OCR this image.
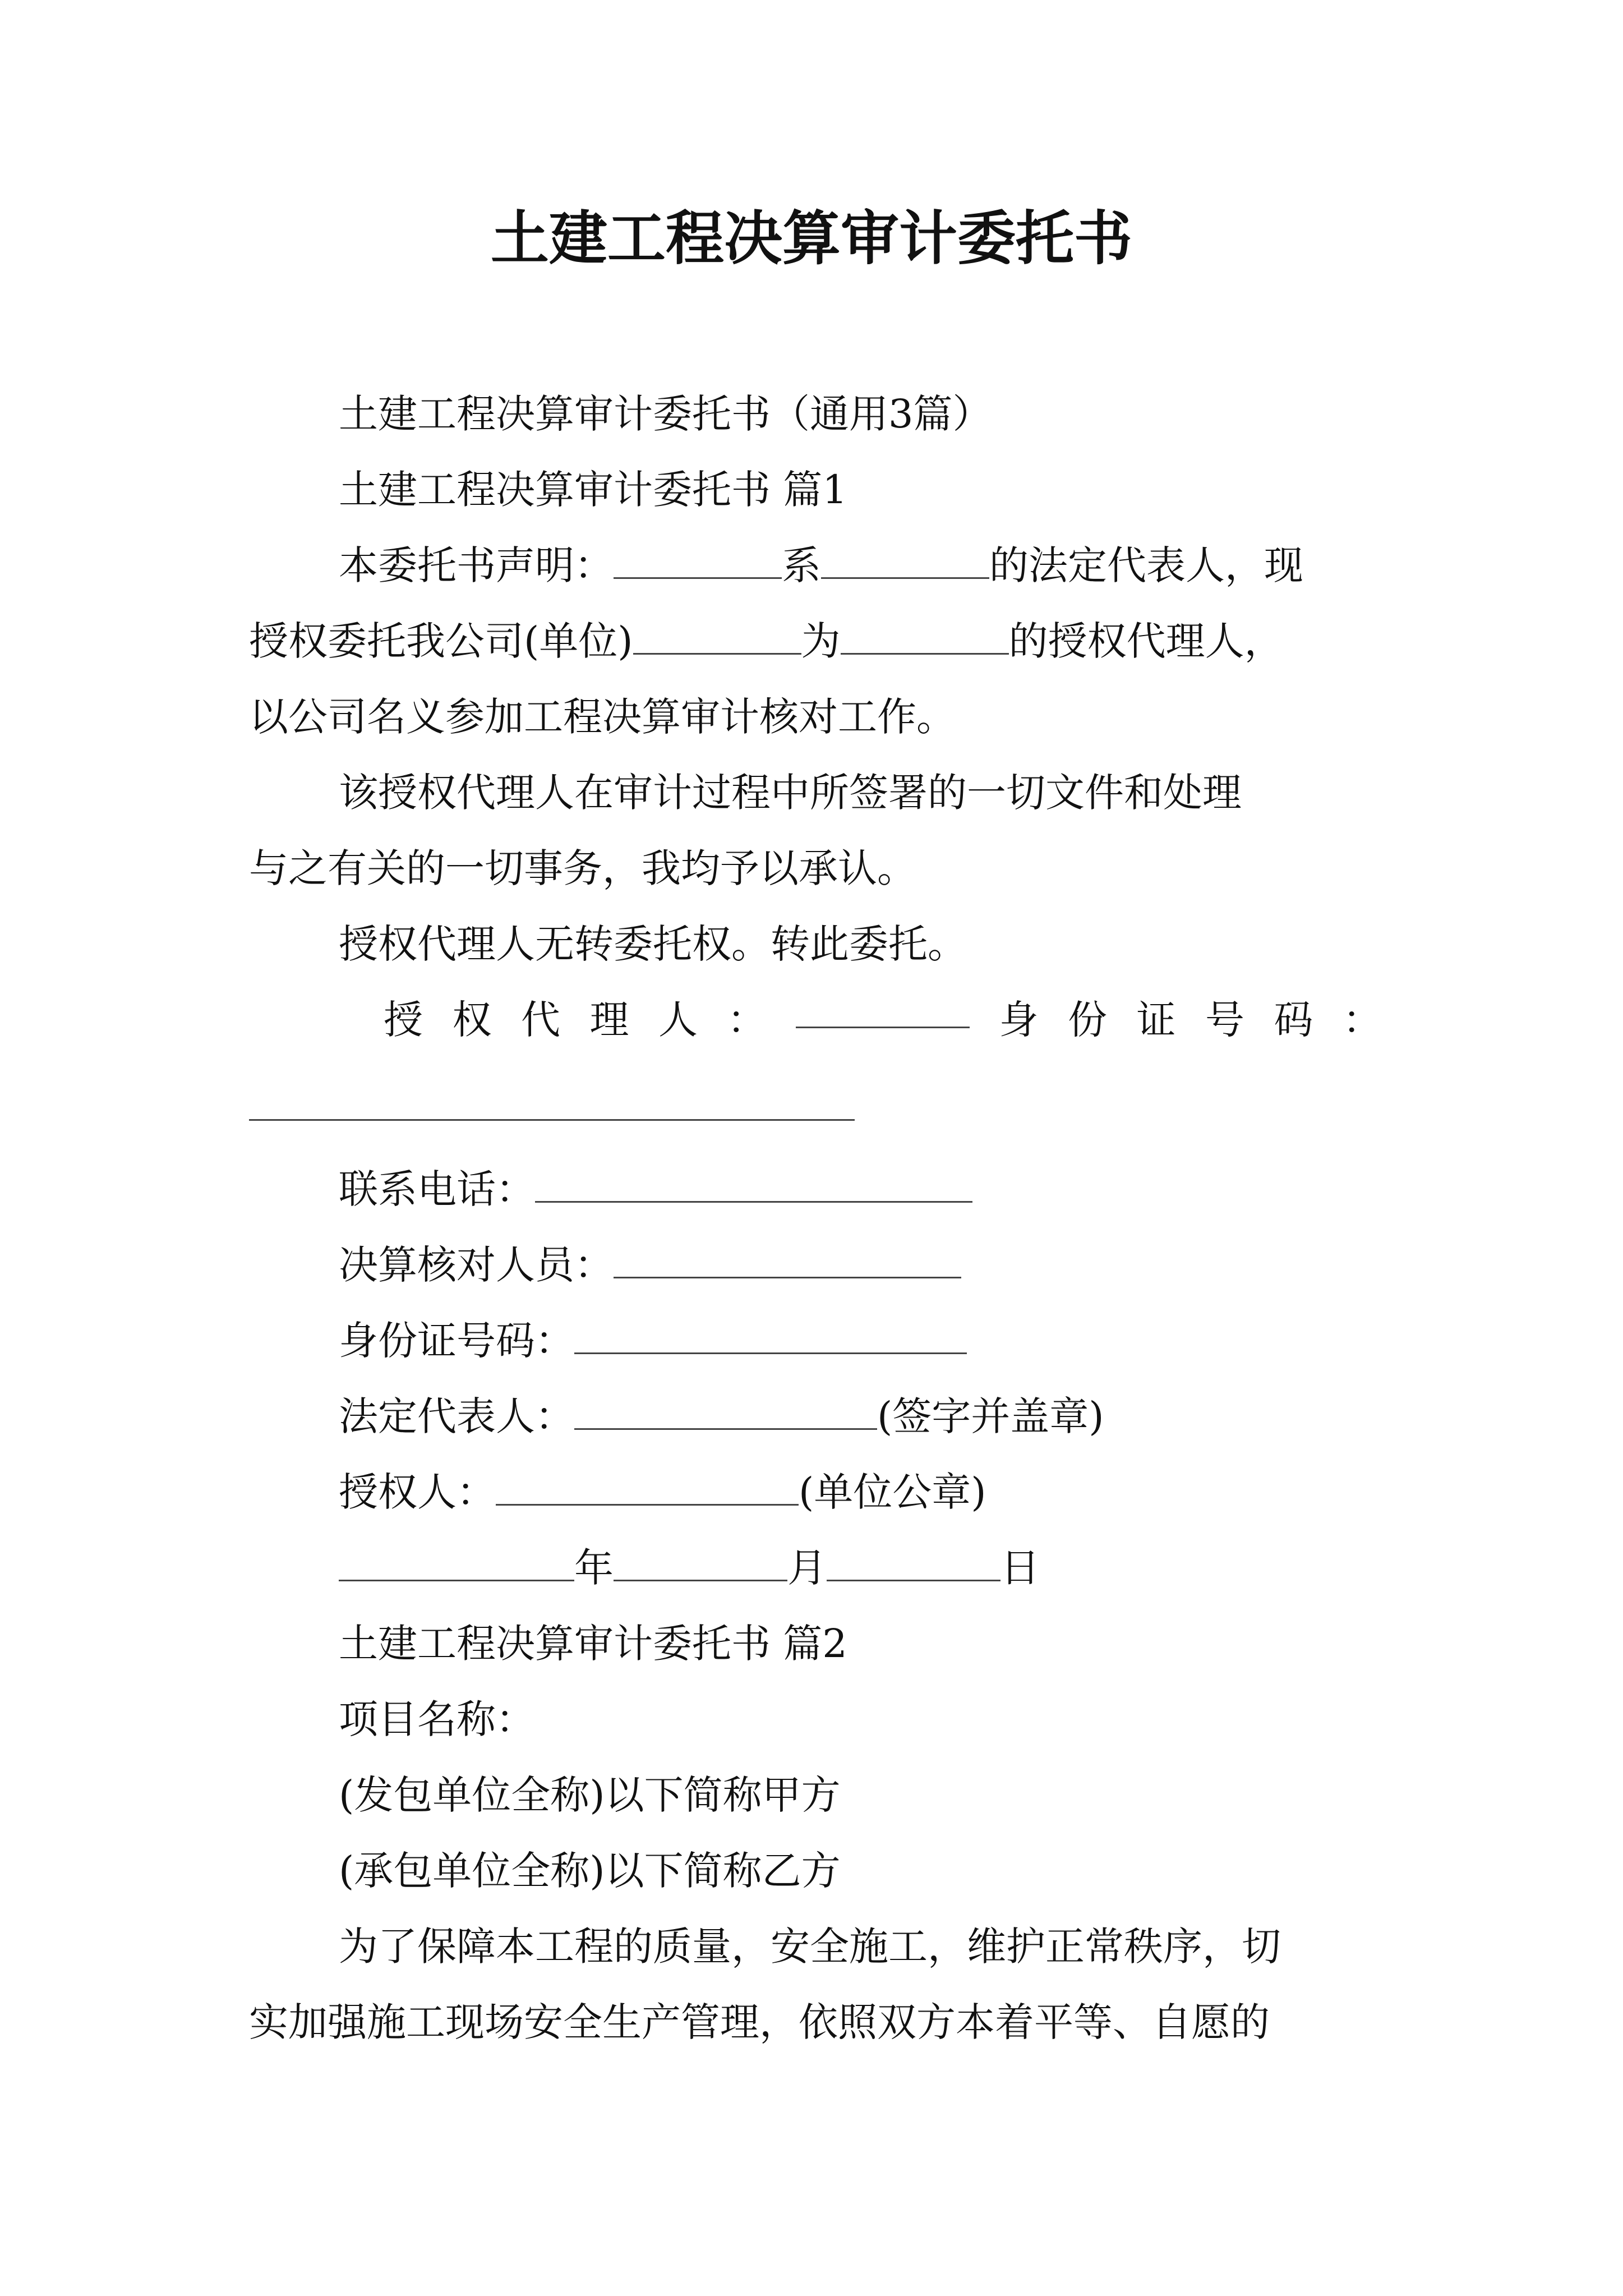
土建工程决算审计委托书
土建工程决算审计委托书（通用3篇）
土建工程决算审计委托书 篇1
本委托书声明：	系	的法定代表人，现
授权委托我公司(单位)	为	的授权代理人，
以公司名义参加工程决算审计核对工作。
该授权代理人在审计过程中所签署的一切文件和处理
与之有关的一切事务，我均予以承认。
授权代理人无转委托权。转此委托。
授 权 代 理 人 ：	身 份 证 号 码 ：
联系电话：
决算核对人员：
身份证号码：
法定代表人：	(签字并盖章)
授权人：	(单位公章)
年	月	日
土建工程决算审计委托书 篇2
项目名称：
(发包单位全称)以下简称甲方
(承包单位全称)以下简称乙方
为了保障本工程的质量，安全施工，维护正常秩序，切
实加强施工现场安全生产管理，依照双方本着平等、自愿的
